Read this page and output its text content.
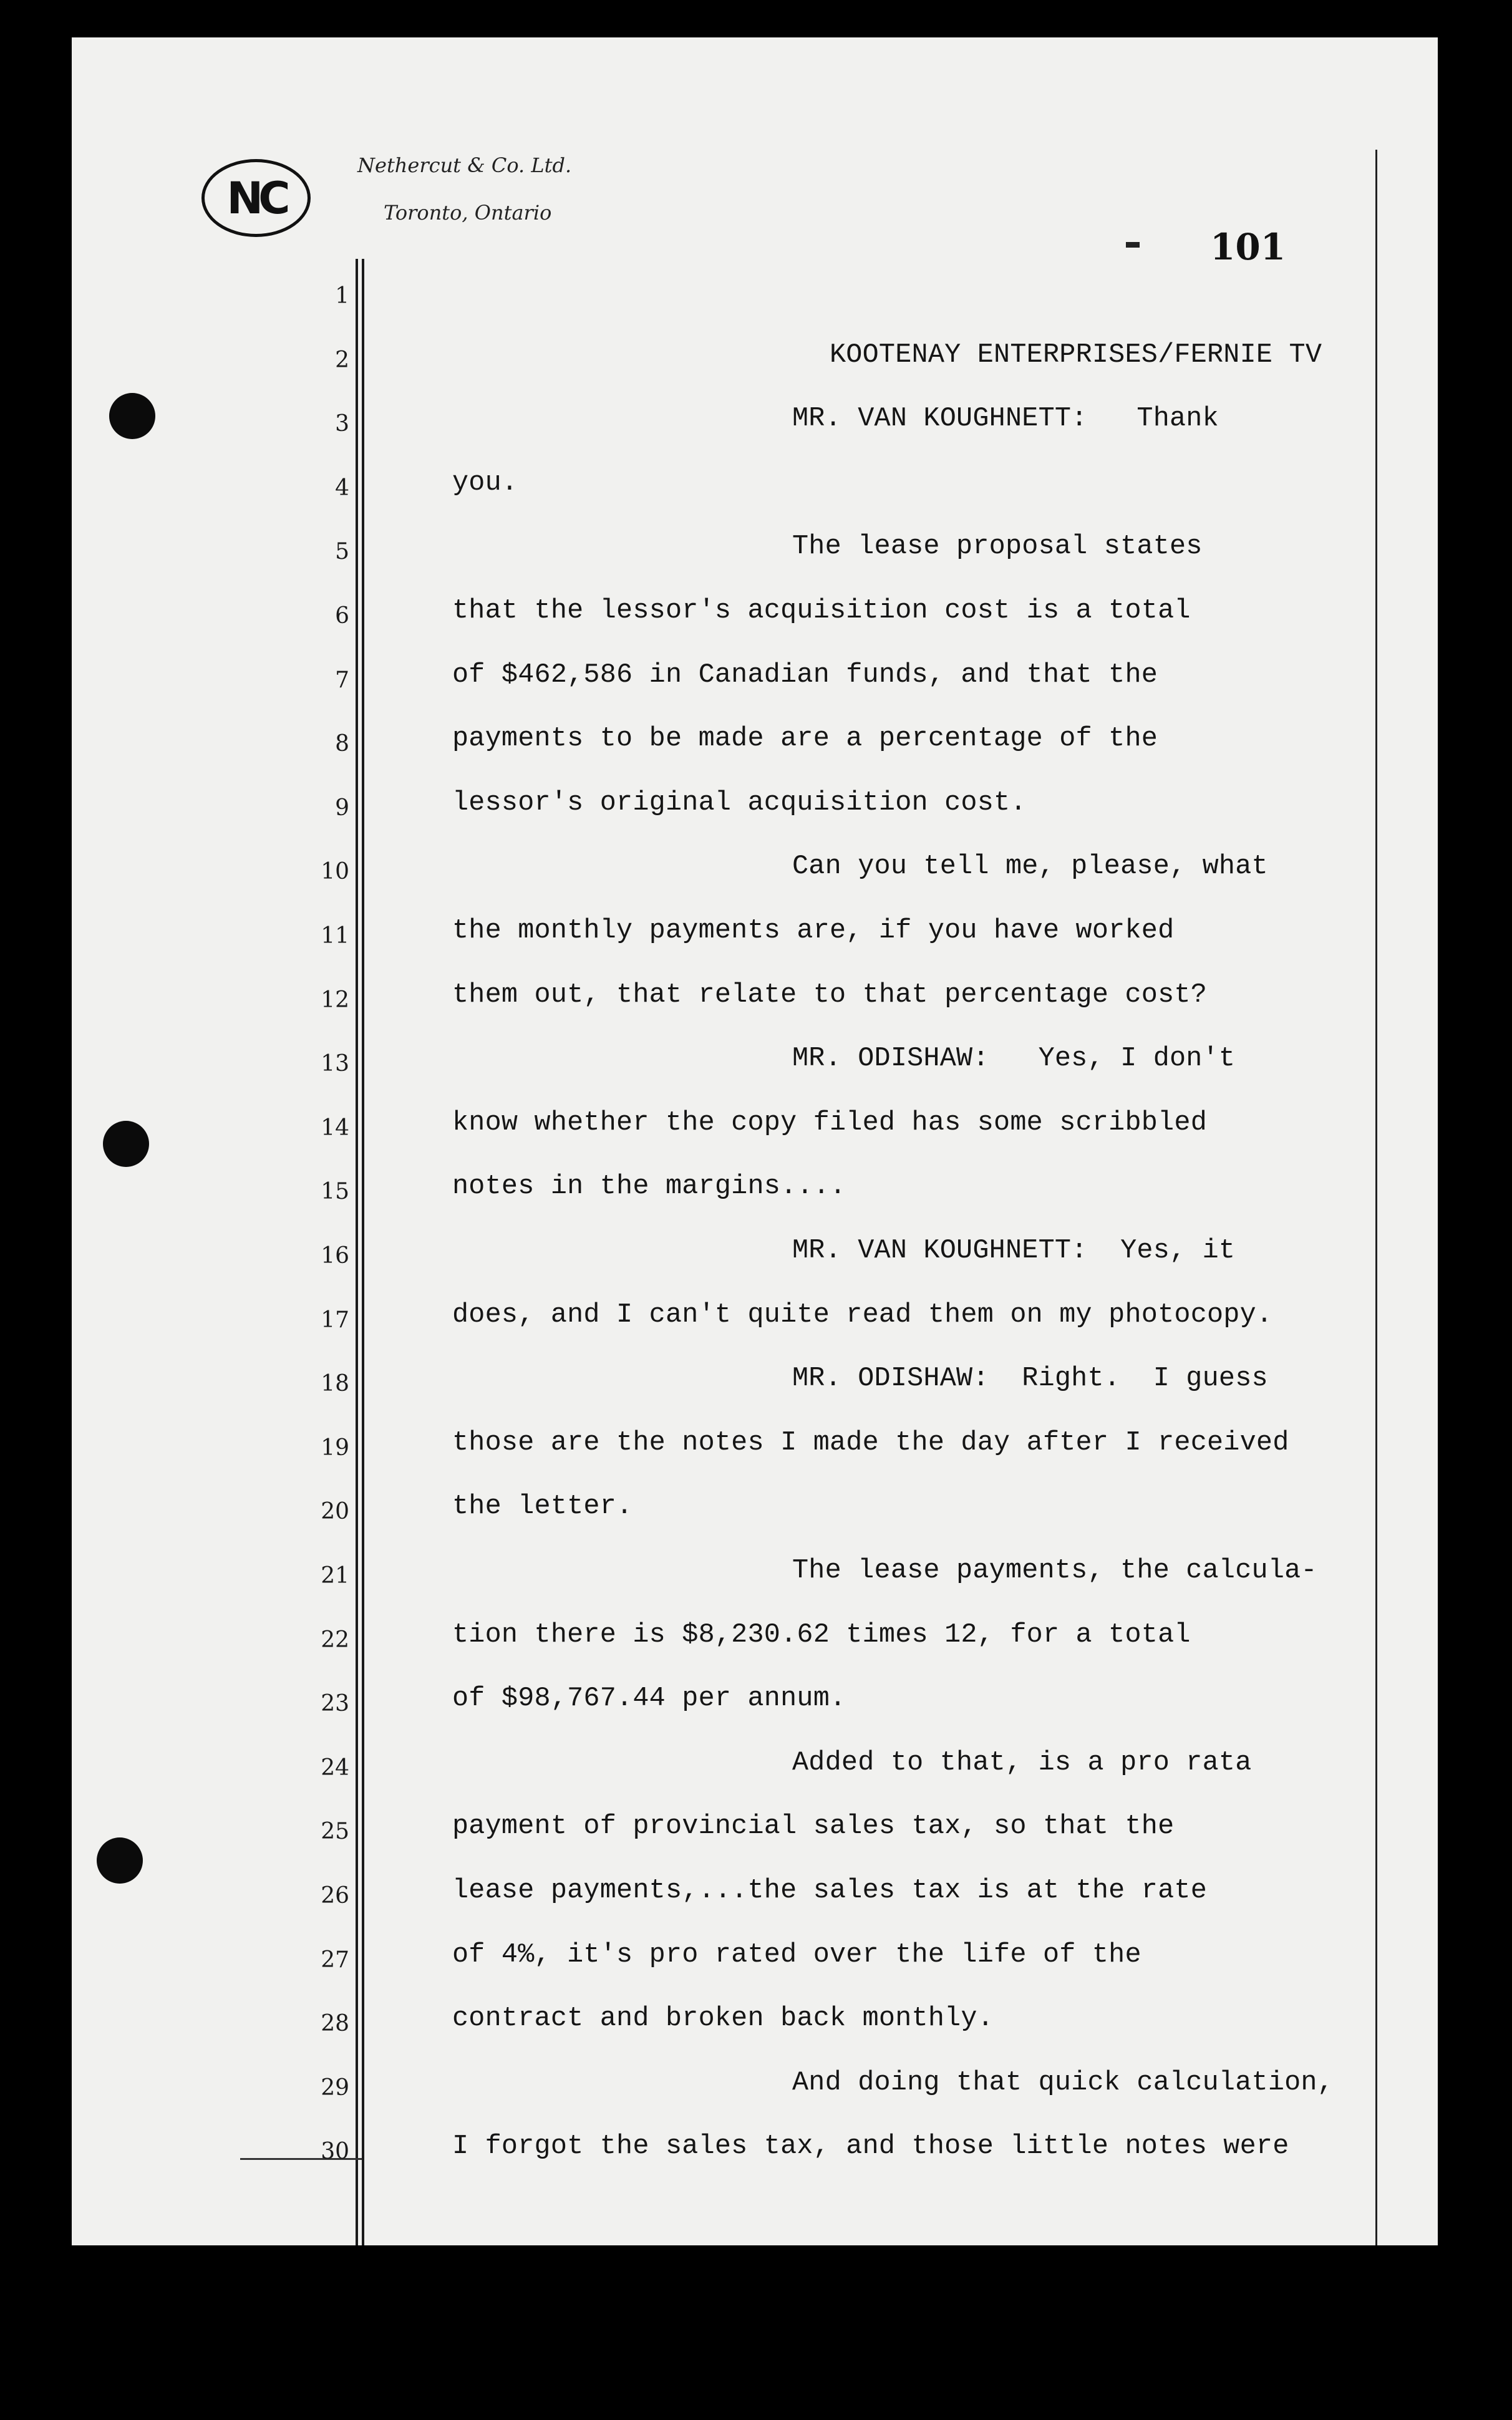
NC
Nethercut & Co. Ltd.
Toronto, Ontario
101
1
2	KOOTENAY ENTERPRISES/FERNIE TV
3	MR. VAN KOUGHNETT:   Thank
4	you.
5	The lease proposal states
6	that the lessor's acquisition cost is a total
7	of $462,586 in Canadian funds, and that the
8	payments to be made are a percentage of the
9	lessor's original acquisition cost.
10	Can you tell me, please, what
11	the monthly payments are, if you have worked
12	them out, that relate to that percentage cost?
13	MR. ODISHAW:   Yes, I don't
14	know whether the copy filed has some scribbled
15	notes in the margins....
16	MR. VAN KOUGHNETT:  Yes, it
17	does, and I can't quite read them on my photocopy.
18	MR. ODISHAW:  Right.  I guess
19	those are the notes I made the day after I received
20	the letter.
21	The lease payments, the calcula-
22	tion there is $8,230.62 times 12, for a total
23	of $98,767.44 per annum.
24	Added to that, is a pro rata
25	payment of provincial sales tax, so that the
26	lease payments,...the sales tax is at the rate
27	of 4%, it's pro rated over the life of the
28	contract and broken back monthly.
29	And doing that quick calculation,
30	I forgot the sales tax, and those little notes were
